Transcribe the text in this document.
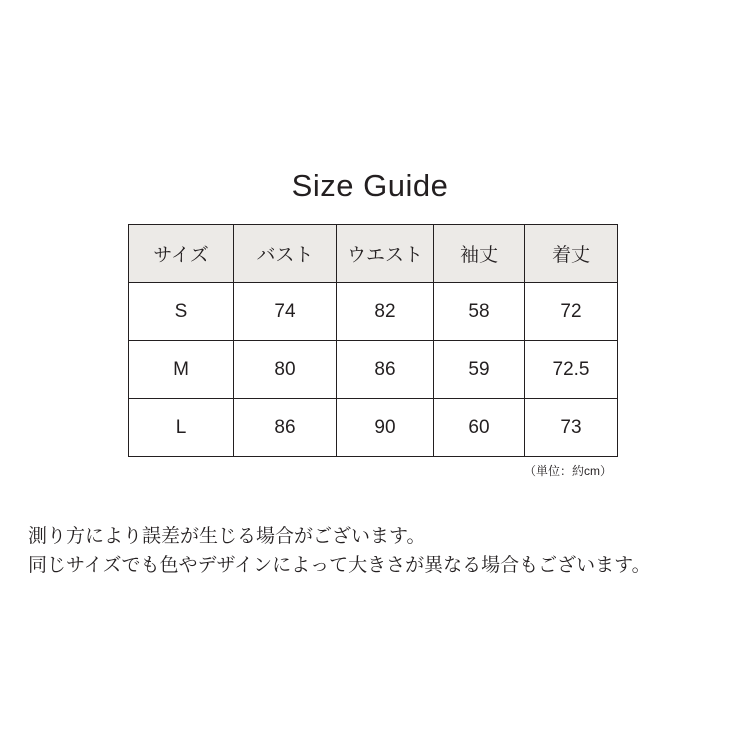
Size Guide
サイズ	バスト	ウエスト	袖丈	着丈
S	74	82	58	72
M	80	86	59	72.5
L	86	90	60	73
（単位：約cm）
測り方により誤差が生じる場合がございます。
同じサイズでも色やデザインによって大きさが異なる場合もございます。
